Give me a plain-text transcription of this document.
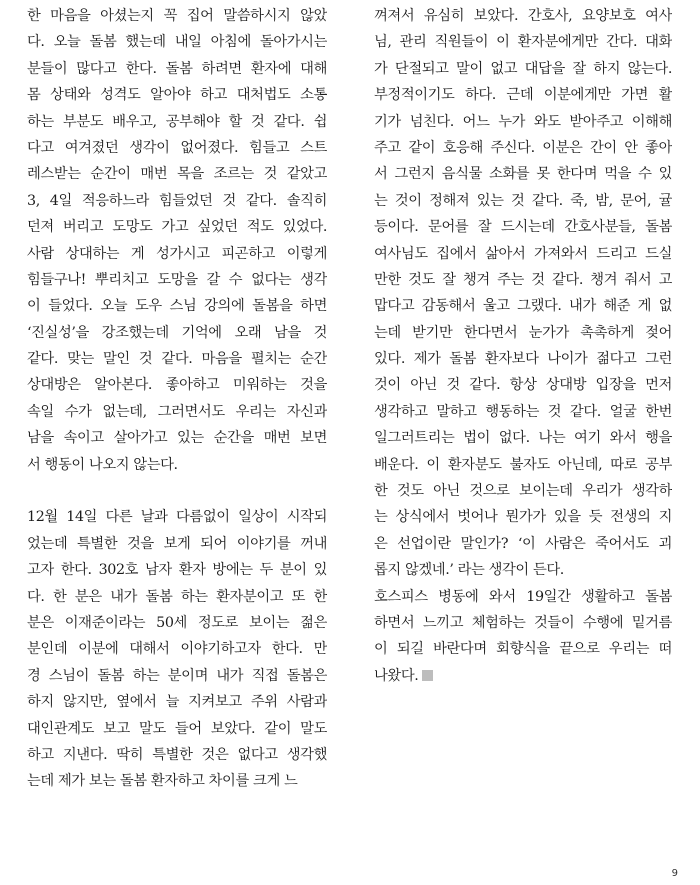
한 마음을 아셨는지 꼭 집어 말씀하시지 않았
다. 오늘 돌봄 했는데 내일 아침에 돌아가시는
분들이 많다고 한다. 돌봄 하려면 환자에 대해
몸 상태와 성격도 알아야 하고 대처법도 소통
하는 부분도 배우고, 공부해야 할 것 같다. 쉽
다고 여겨졌던 생각이 없어졌다. 힘들고 스트
레스받는 순간이 매번 목을 조르는 것 같았고
3, 4일 적응하느라 힘들었던 것 같다. 솔직히
던져 버리고 도망도 가고 싶었던 적도 있었다.
사람 상대하는 게 성가시고 피곤하고 이렇게
힘들구나! 뿌리치고 도망을 갈 수 없다는 생각
이 들었다. 오늘 도우 스님 강의에 돌봄을 하면
‘진실성’을 강조했는데 기억에 오래 남을 것
같다. 맞는 말인 것 같다. 마음을 펼치는 순간
상대방은 알아본다. 좋아하고 미워하는 것을
속일 수가 없는데, 그러면서도 우리는 자신과
남을 속이고 살아가고 있는 순간을 매번 보면
서 행동이 나오지 않는다.
12월 14일 다른 날과 다름없이 일상이 시작되
었는데 특별한 것을 보게 되어 이야기를 꺼내
고자 한다. 302호 남자 환자 방에는 두 분이 있
다. 한 분은 내가 돌봄 하는 환자분이고 또 한
분은 이재준이라는 50세 정도로 보이는 젊은
분인데 이분에 대해서 이야기하고자 한다. 만
경 스님이 돌봄 하는 분이며 내가 직접 돌봄은
하지 않지만, 옆에서 늘 지켜보고 주위 사람과
대인관계도 보고 말도 들어 보았다. 같이 말도
하고 지낸다. 딱히 특별한 것은 없다고 생각했
는데 제가 보는 돌봄 환자하고 차이를 크게 느
껴져서 유심히 보았다. 간호사, 요양보호 여사
님, 관리 직원들이 이 환자분에게만 간다. 대화
가 단절되고 말이 없고 대답을 잘 하지 않는다.
부정적이기도 하다. 근데 이분에게만 가면 활
기가 넘친다. 어느 누가 와도 받아주고 이해해
주고 같이 호응해 주신다. 이분은 간이 안 좋아
서 그런지 음식물 소화를 못 한다며 먹을 수 있
는 것이 정해져 있는 것 같다. 죽, 밤, 문어, 귤
등이다. 문어를 잘 드시는데 간호사분들, 돌봄
여사님도 집에서 삶아서 가져와서 드리고 드실
만한 것도 잘 챙겨 주는 것 같다. 챙겨 줘서 고
맙다고 감동해서 울고 그랬다. 내가 해준 게 없
는데 받기만 한다면서 눈가가 촉촉하게 젖어
있다. 제가 돌봄 환자보다 나이가 젊다고 그런
것이 아닌 것 같다. 항상 상대방 입장을 먼저
생각하고 말하고 행동하는 것 같다. 얼굴 한번
일그러트리는 법이 없다. 나는 여기 와서 행을
배운다. 이 환자분도 불자도 아닌데, 따로 공부
한 것도 아닌 것으로 보이는데 우리가 생각하
는 상식에서 벗어나 뭔가가 있을 듯 전생의 지
은 선업이란 말인가? ‘이 사람은 죽어서도 괴
롭지 않겠네.’ 라는 생각이 든다.
호스피스 병동에 와서 19일간 생활하고 돌봄
하면서 느끼고 체험하는 것들이 수행에 밑거름
이 되길 바란다며 회향식을 끝으로 우리는 떠
나왔다.
9
